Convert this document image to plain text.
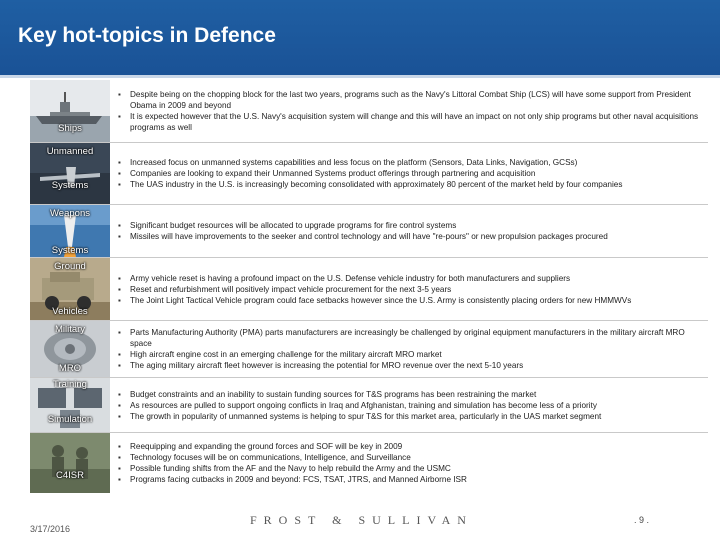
Key hot-topics in Defence
Ships
▪ Despite being on the chopping block for the last two years, programs such as the Navy's Littoral Combat Ship (LCS) will have some support from President Obama in 2009 and beyond
▪ It is expected however that the U.S. Navy's acquisition system will change and this will have an impact on not only ship programs but other naval acquisitions programs as well
Unmanned
Systems
▪ Increased focus on unmanned systems capabilities and less focus on the platform (Sensors, Data Links, Navigation, GCSs)
▪ Companies are looking to expand their Unmanned Systems product offerings through partnering and acquisition
▪ The UAS industry in the U.S. is increasingly becoming consolidated with approximately 80 percent of the market held by four companies
Weapons
Systems
▪ Significant budget resources will be allocated to upgrade programs for fire control systems
▪ Missiles will have improvements to the seeker and control technology and will have "re-pours" or new propulsion packages procured
Ground
Vehicles
▪ Army vehicle reset is having a profound impact on the U.S. Defense vehicle industry for both manufacturers and suppliers
▪ Reset and refurbishment will positively impact vehicle procurement for the next 3-5 years
▪ The Joint Light Tactical Vehicle program could face setbacks however since the U.S. Army is consistently placing orders for new HMMWVs
Military
MRO
▪ Parts Manufacturing Authority (PMA) parts manufacturers are increasingly be challenged by original equipment manufacturers in the military aircraft MRO space
▪ High aircraft engine cost in an emerging challenge for the military aircraft MRO market
▪ The aging military aircraft fleet however is increasing the potential for MRO revenue over the next 5-10 years
Training
Simulation
▪ Budget constraints and an inability to sustain funding sources for T&S programs has been restraining the market
▪ As resources are pulled to support ongoing conflicts in Iraq and Afghanistan, training and simulation has become less of a priority
▪ The growth in popularity of unmanned systems is helping to spur T&S for this market area, particularly in the UAS market segment
C4ISR
▪ Reequipping and expanding the ground forces and SOF will be key in 2009
▪ Technology focuses will be on communications, Intelligence, and Surveillance
▪ Possible funding shifts from the AF and the Navy to help rebuild the Army and the USMC
▪ Programs facing cutbacks in 2009 and beyond: FCS, TSAT, JTRS, and Manned Airborne ISR
3/17/2016
FROST & SULLIVAN	. 9 .
